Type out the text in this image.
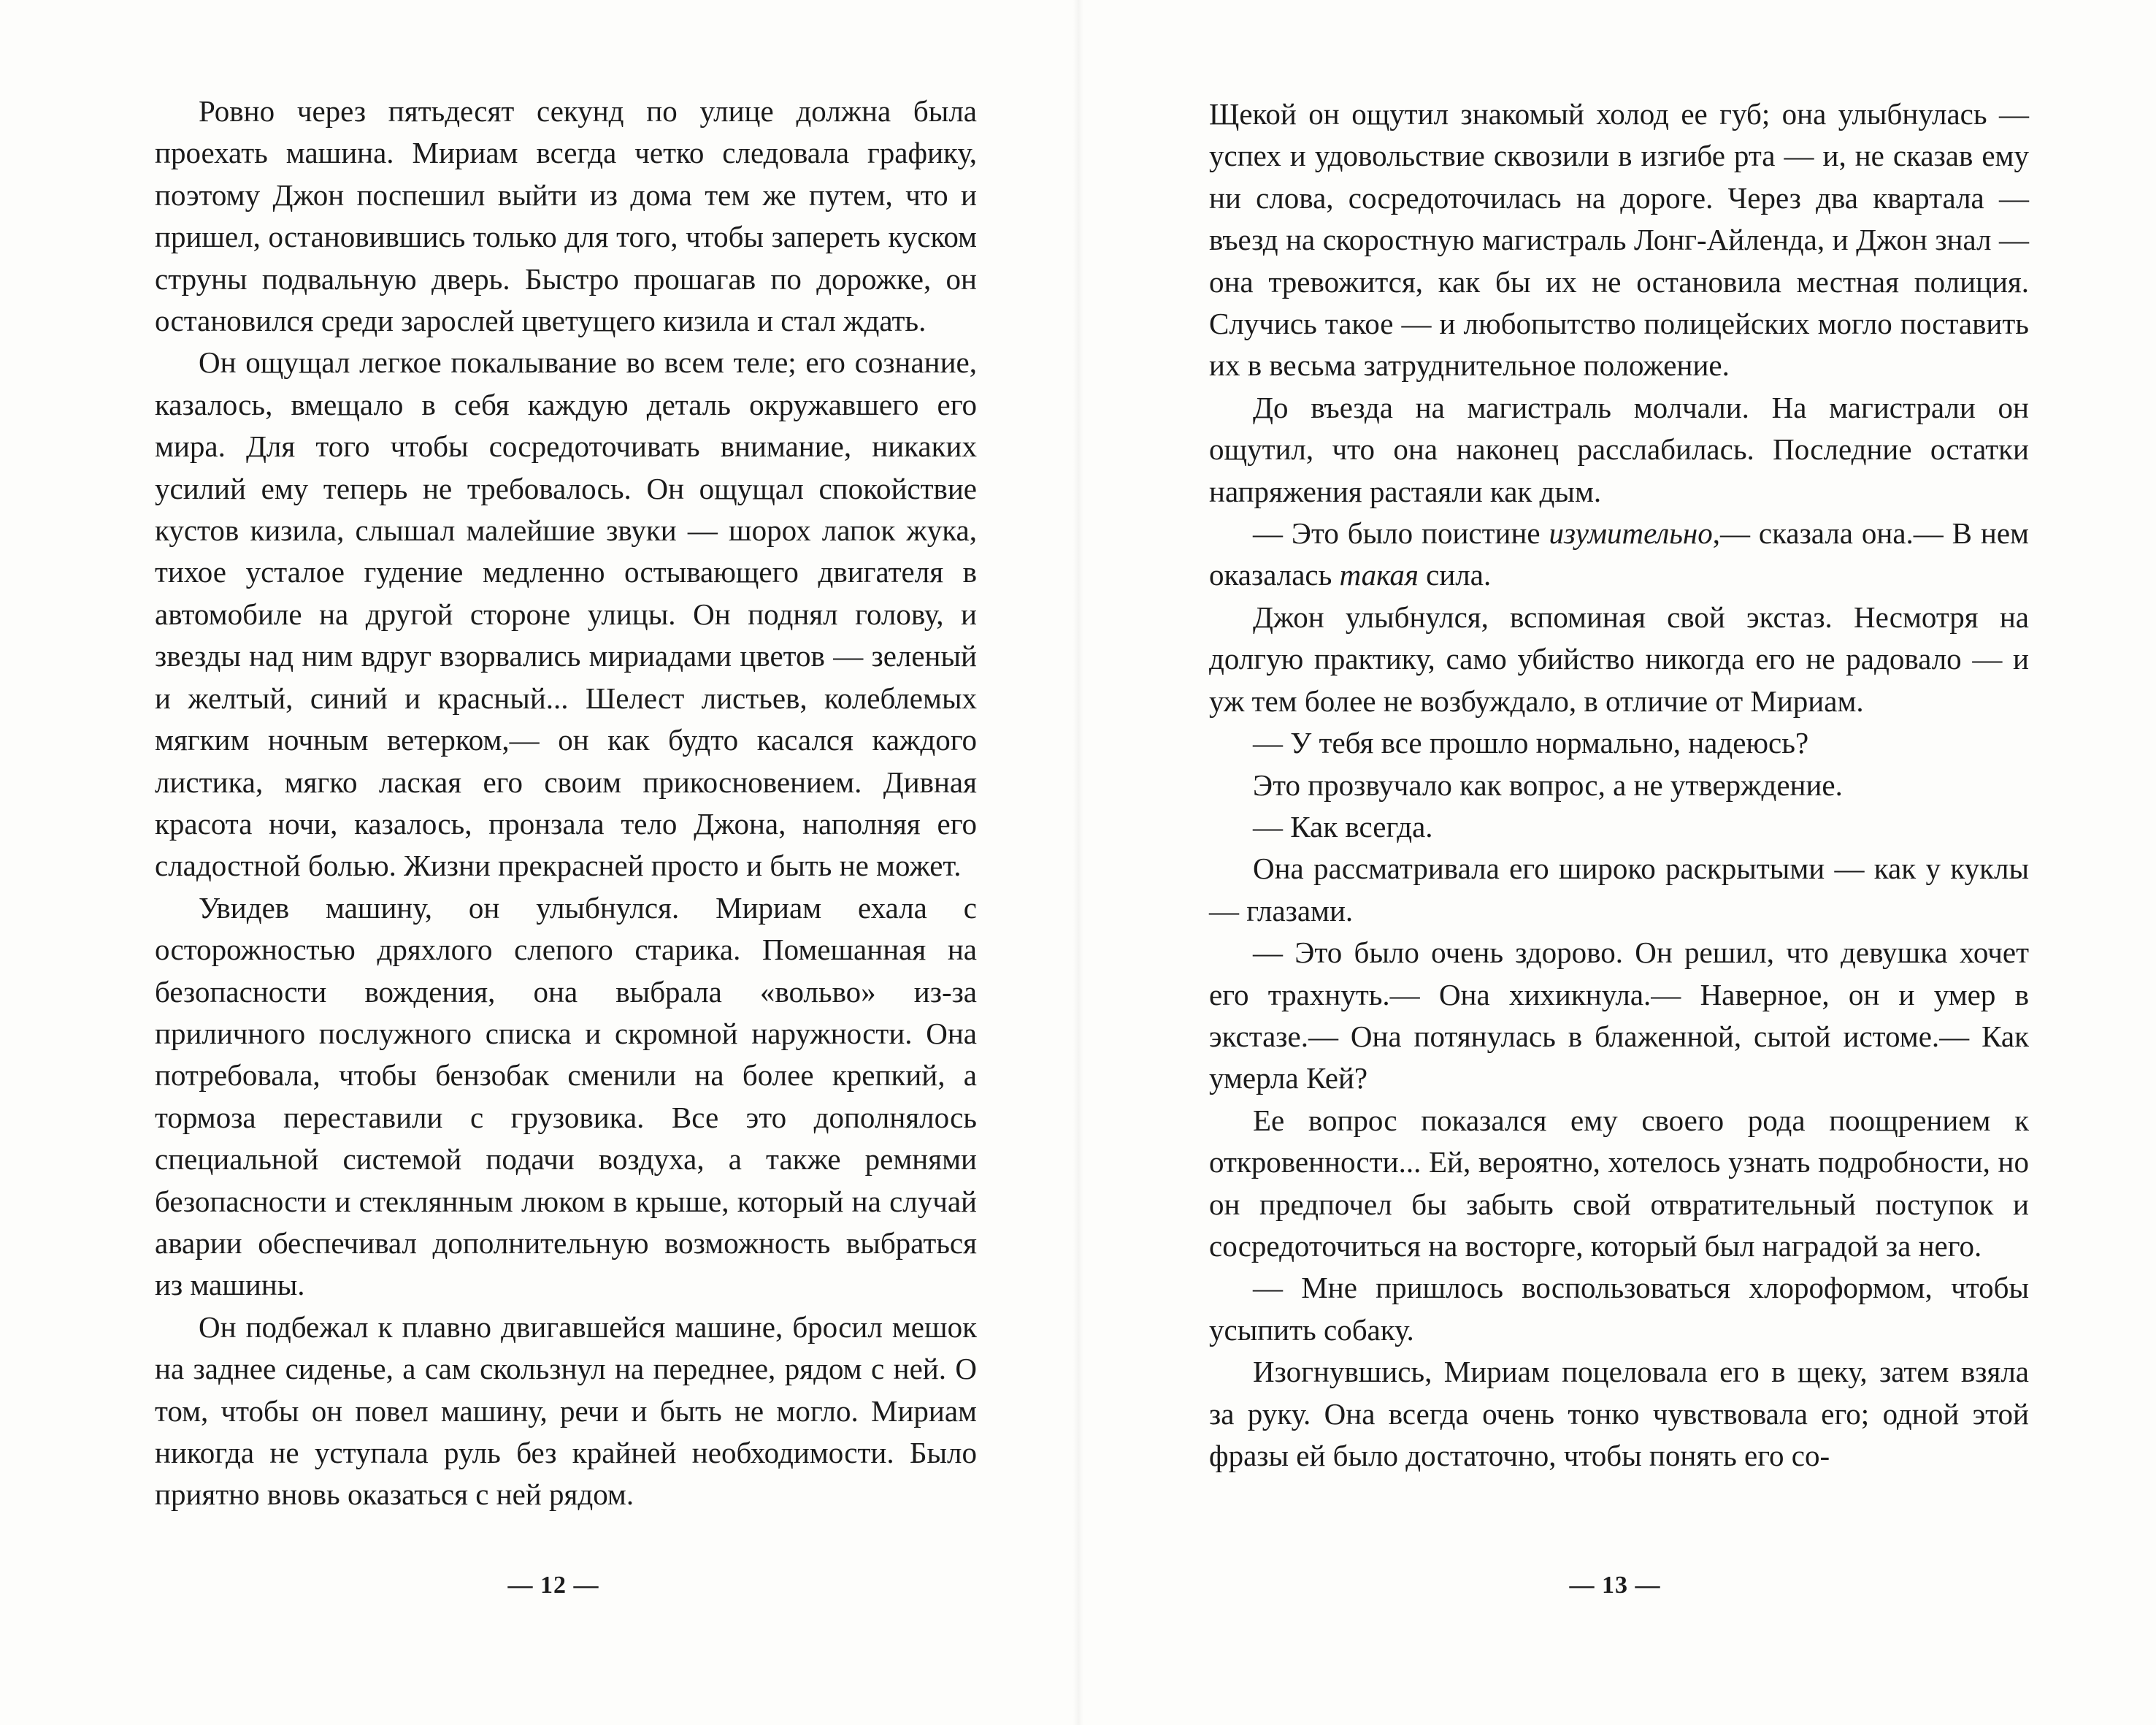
Ровно через пятьдесят секунд по улице должна была проехать машина. Мириам всегда четко следовала графику, поэтому Джон поспешил выйти из дома тем же путем, что и пришел, остановившись только для того, чтобы запереть куском струны подвальную дверь. Быстро прошагав по дорожке, он остановился среди зарослей цветущего кизила и стал ждать.

Он ощущал легкое покалывание во всем теле; его сознание, казалось, вмещало в себя каждую деталь окружавшего его мира. Для того чтобы сосредоточивать внимание, никаких усилий ему теперь не требовалось. Он ощущал спокойствие кустов кизила, слышал малейшие звуки — шорох лапок жука, тихое усталое гудение медленно остывающего двигателя в автомобиле на другой стороне улицы. Он поднял голову, и звезды над ним вдруг взорвались мириадами цветов — зеленый и желтый, синий и красный... Шелест листьев, колеблемых мягким ночным ветерком,— он как будто касался каждого листика, мягко лаская его своим прикосновением. Дивная красота ночи, казалось, пронзала тело Джона, наполняя его сладостной болью. Жизни прекрасней просто и быть не может.

Увидев машину, он улыбнулся. Мириам ехала с осторожностью дряхлого слепого старика. Помешанная на безопасности вождения, она выбрала «вольво» из-за приличного послужного списка и скромной наружности. Она потребовала, чтобы бензобак сменили на более крепкий, а тормоза переставили с грузовика. Все это дополнялось специальной системой подачи воздуха, а также ремнями безопасности и стеклянным люком в крыше, который на случай аварии обеспечивал дополнительную возможность выбраться из машины.

Он подбежал к плавно двигавшейся машине, бросил мешок на заднее сиденье, а сам скользнул на переднее, рядом с ней. О том, чтобы он повел машину, речи и быть не могло. Мириам никогда не уступала руль без крайней необходимости. Было приятно вновь оказаться с ней рядом.

— 12 —

Щекой он ощутил знакомый холод ее губ; она улыбнулась — успех и удовольствие сквозили в изгибе рта — и, не сказав ему ни слова, сосредоточилась на дороге. Через два квартала — въезд на скоростную магистраль Лонг-Айленда, и Джон знал — она тревожится, как бы их не остановила местная полиция. Случись такое — и любопытство полицейских могло поставить их в весьма затруднительное положение.

До въезда на магистраль молчали. На магистрали он ощутил, что она наконец расслабилась. Последние остатки напряжения растаяли как дым.

— Это было поистине изумительно,— сказала она.— В нем оказалась такая сила.

Джон улыбнулся, вспоминая свой экстаз. Несмотря на долгую практику, само убийство никогда его не радовало — и уж тем более не возбуждало, в отличие от Мириам.

— У тебя все прошло нормально, надеюсь?

Это прозвучало как вопрос, а не утверждение.

— Как всегда.

Она рассматривала его широко раскрытыми — как у куклы — глазами.

— Это было очень здорово. Он решил, что девушка хочет его трахнуть.— Она хихикнула.— Наверное, он и умер в экстазе.— Она потянулась в блаженной, сытой истоме.— Как умерла Кей?

Ее вопрос показался ему своего рода поощрением к откровенности... Ей, вероятно, хотелось узнать подробности, но он предпочел бы забыть свой отвратительный поступок и сосредоточиться на восторге, который был наградой за него.

— Мне пришлось воспользоваться хлороформом, чтобы усыпить собаку.

Изогнувшись, Мириам поцеловала его в щеку, затем взяла за руку. Она всегда очень тонко чувствовала его; одной этой фразы ей было достаточно, чтобы понять его со-

— 13 —
